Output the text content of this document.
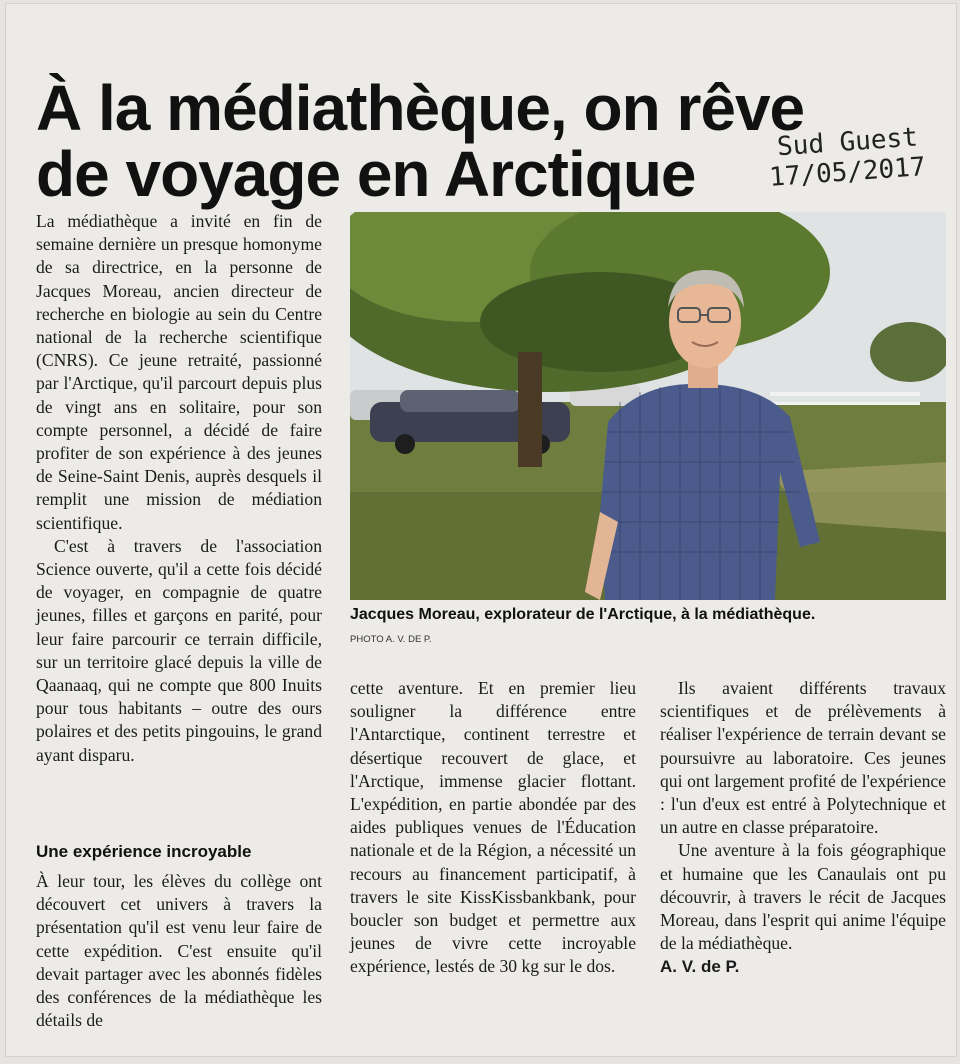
À la médiathèque, on rêve
de voyage en Arctique	Sud Guest
17/05/2017

La médiathèque a invité en fin de semaine dernière un presque homonyme de sa directrice, en la personne de Jacques Moreau, ancien directeur de recherche en biologie au sein du Centre national de la recherche scientifique (CNRS). Ce jeune retraité, passionné par l'Arctique, qu'il parcourt depuis plus de vingt ans en solitaire, pour son compte personnel, a décidé de faire profiter de son expérience à des jeunes de Seine-Saint Denis, auprès desquels il remplit une mission de médiation scientifique.

C'est à travers de l'association Science ouverte, qu'il a cette fois décidé de voyager, en compagnie de quatre jeunes, filles et garçons en parité, pour leur faire parcourir ce terrain difficile, sur un territoire glacé depuis la ville de Qaanaaq, qui ne compte que 800 Inuits pour tous habitants – outre des ours polaires et des petits pingouins, le grand ayant disparu.

Une expérience incroyable

À leur tour, les élèves du collège ont découvert cet univers à travers la présentation qu'il est venu leur faire de cette expédition. C'est ensuite qu'il devait partager avec les abonnés fidèles des conférences de la médiathèque les détails de

Jacques Moreau, explorateur de l'Arctique, à la médiathèque.
PHOTO A. V. DE P.

cette aventure. Et en premier lieu souligner la différence entre l'Antarctique, continent terrestre et désertique recouvert de glace, et l'Arctique, immense glacier flottant. L'expédition, en partie abondée par des aides publiques venues de l'Éducation nationale et de la Région, a nécessité un recours au financement participatif, à travers le site KissKissbankbank, pour boucler son budget et permettre aux jeunes de vivre cette incroyable expérience, lestés de 30 kg sur le dos.

Ils avaient différents travaux scientifiques et de prélèvements à réaliser l'expérience de terrain devant se poursuivre au laboratoire. Ces jeunes qui ont largement profité de l'expérience : l'un d'eux est entré à Polytechnique et un autre en classe préparatoire.

Une aventure à la fois géographique et humaine que les Canaulais ont pu découvrir, à travers le récit de Jacques Moreau, dans l'esprit qui anime l'équipe de la médiathèque.

A. V. de P.
